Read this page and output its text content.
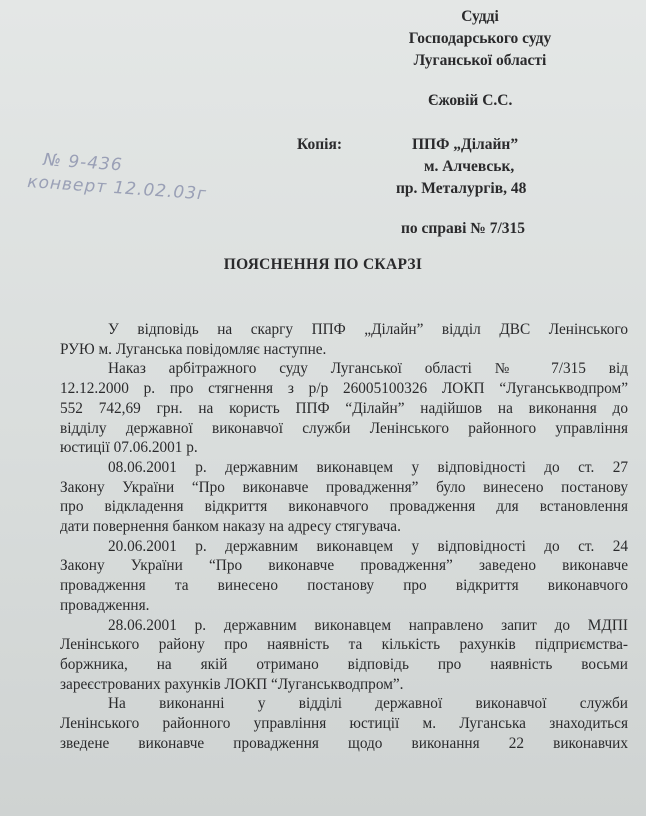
Судді
Господарського суду
Луганської області
Єжовій С.С.
Копія:	ППФ „Ділайн”
м. Алчевськ,
пр. Металургів, 48
по справі № 7/315
№ 9-436
конверт 12.02.03г
ПОЯСНЕННЯ ПО СКАРЗІ

У відповідь на скаргу ППФ „Ділайн” відділ ДВС Ленінського
РУЮ м. Луганська повідомляє наступне.

Наказ арбітражного суду Луганської області № 7/315 від
12.12.2000 р. про стягнення з р/р 26005100326 ЛОКП “Луганськводпром”
552 742,69 грн. на користь ППФ “Ділайн” надійшов на виконання до
відділу державної виконавчої служби Ленінського районного управління
юстиції 07.06.2001 р.

08.06.2001 р. державним виконавцем у відповідності до ст. 27
Закону України “Про виконавче провадження” було винесено постанову
про відкладення відкриття виконавчого провадження для встановлення
дати повернення банком наказу на адресу стягувача.

20.06.2001 р. державним виконавцем у відповідності до ст. 24
Закону України “Про виконавче провадження” заведено виконавче
провадження та винесено постанову про відкриття виконавчого
провадження.

28.06.2001 р. державним виконавцем направлено запит до МДПІ
Ленінського району про наявність та кількість рахунків підприємства-
боржника, на якій отримано відповідь про наявність восьми
зареєстрованих рахунків ЛОКП “Луганськводпром”.

На виконанні у відділі державної виконавчої служби
Ленінського районного управління юстиції м. Луганська знаходиться
зведене виконавче провадження щодо виконання 22 виконавчих
